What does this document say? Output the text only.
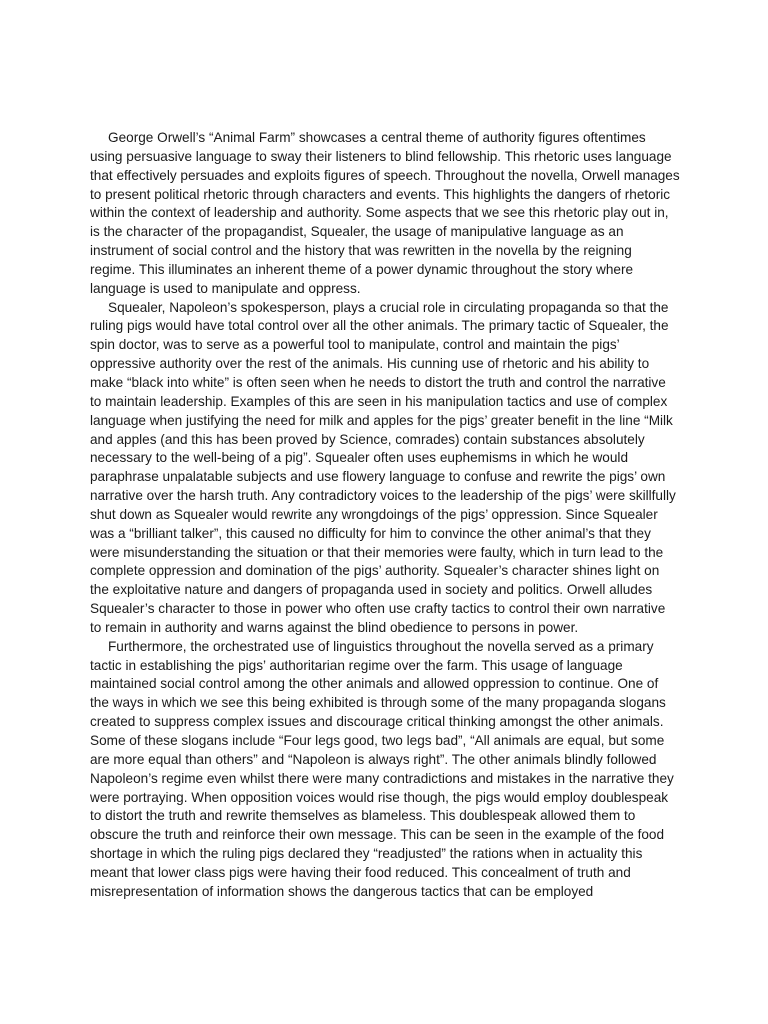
George Orwell’s “Animal Farm” showcases a central theme of authority figures oftentimes using persuasive language to sway their listeners to blind fellowship. This rhetoric uses language that effectively persuades and exploits figures of speech. Throughout the novella, Orwell manages to present political rhetoric through characters and events. This highlights the dangers of rhetoric within the context of leadership and authority. Some aspects that we see this rhetoric play out in, is the character of the propagandist, Squealer, the usage of manipulative language as an instrument of social control and the history that was rewritten in the novella by the reigning regime. This illuminates an inherent theme of a power dynamic throughout the story where language is used to manipulate and oppress.

Squealer, Napoleon’s spokesperson, plays a crucial role in circulating propaganda so that the ruling pigs would have total control over all the other animals. The primary tactic of Squealer, the spin doctor, was to serve as a powerful tool to manipulate, control and maintain the pigs’ oppressive authority over the rest of the animals. His cunning use of rhetoric and his ability to make “black into white” is often seen when he needs to distort the truth and control the narrative to maintain leadership. Examples of this are seen in his manipulation tactics and use of complex language when justifying the need for milk and apples for the pigs’ greater benefit in the line “Milk and apples (and this has been proved by Science, comrades) contain substances absolutely necessary to the well-being of a pig”. Squealer often uses euphemisms in which he would paraphrase unpalatable subjects and use flowery language to confuse and rewrite the pigs’ own narrative over the harsh truth. Any contradictory voices to the leadership of the pigs’ were skillfully shut down as Squealer would rewrite any wrongdoings of the pigs’ oppression. Since Squealer was a “brilliant talker”, this caused no difficulty for him to convince the other animal’s that they were misunderstanding the situation or that their memories were faulty, which in turn lead to the complete oppression and domination of the pigs’ authority. Squealer’s character shines light on the exploitative nature and dangers of propaganda used in society and politics. Orwell alludes Squealer’s character to those in power who often use crafty tactics to control their own narrative to remain in authority and warns against the blind obedience to persons in power.

Furthermore, the orchestrated use of linguistics throughout the novella served as a primary tactic in establishing the pigs’ authoritarian regime over the farm. This usage of language maintained social control among the other animals and allowed oppression to continue. One of the ways in which we see this being exhibited is through some of the many propaganda slogans created to suppress complex issues and discourage critical thinking amongst the other animals. Some of these slogans include “Four legs good, two legs bad”, “All animals are equal, but some are more equal than others” and “Napoleon is always right”. The other animals blindly followed Napoleon’s regime even whilst there were many contradictions and mistakes in the narrative they were portraying. When opposition voices would rise though, the pigs would employ doublespeak to distort the truth and rewrite themselves as blameless. This doublespeak allowed them to obscure the truth and reinforce their own message. This can be seen in the example of the food shortage in which the ruling pigs declared they “readjusted” the rations when in actuality this meant that lower class pigs were having their food reduced. This concealment of truth and misrepresentation of information shows the dangerous tactics that can be employed
